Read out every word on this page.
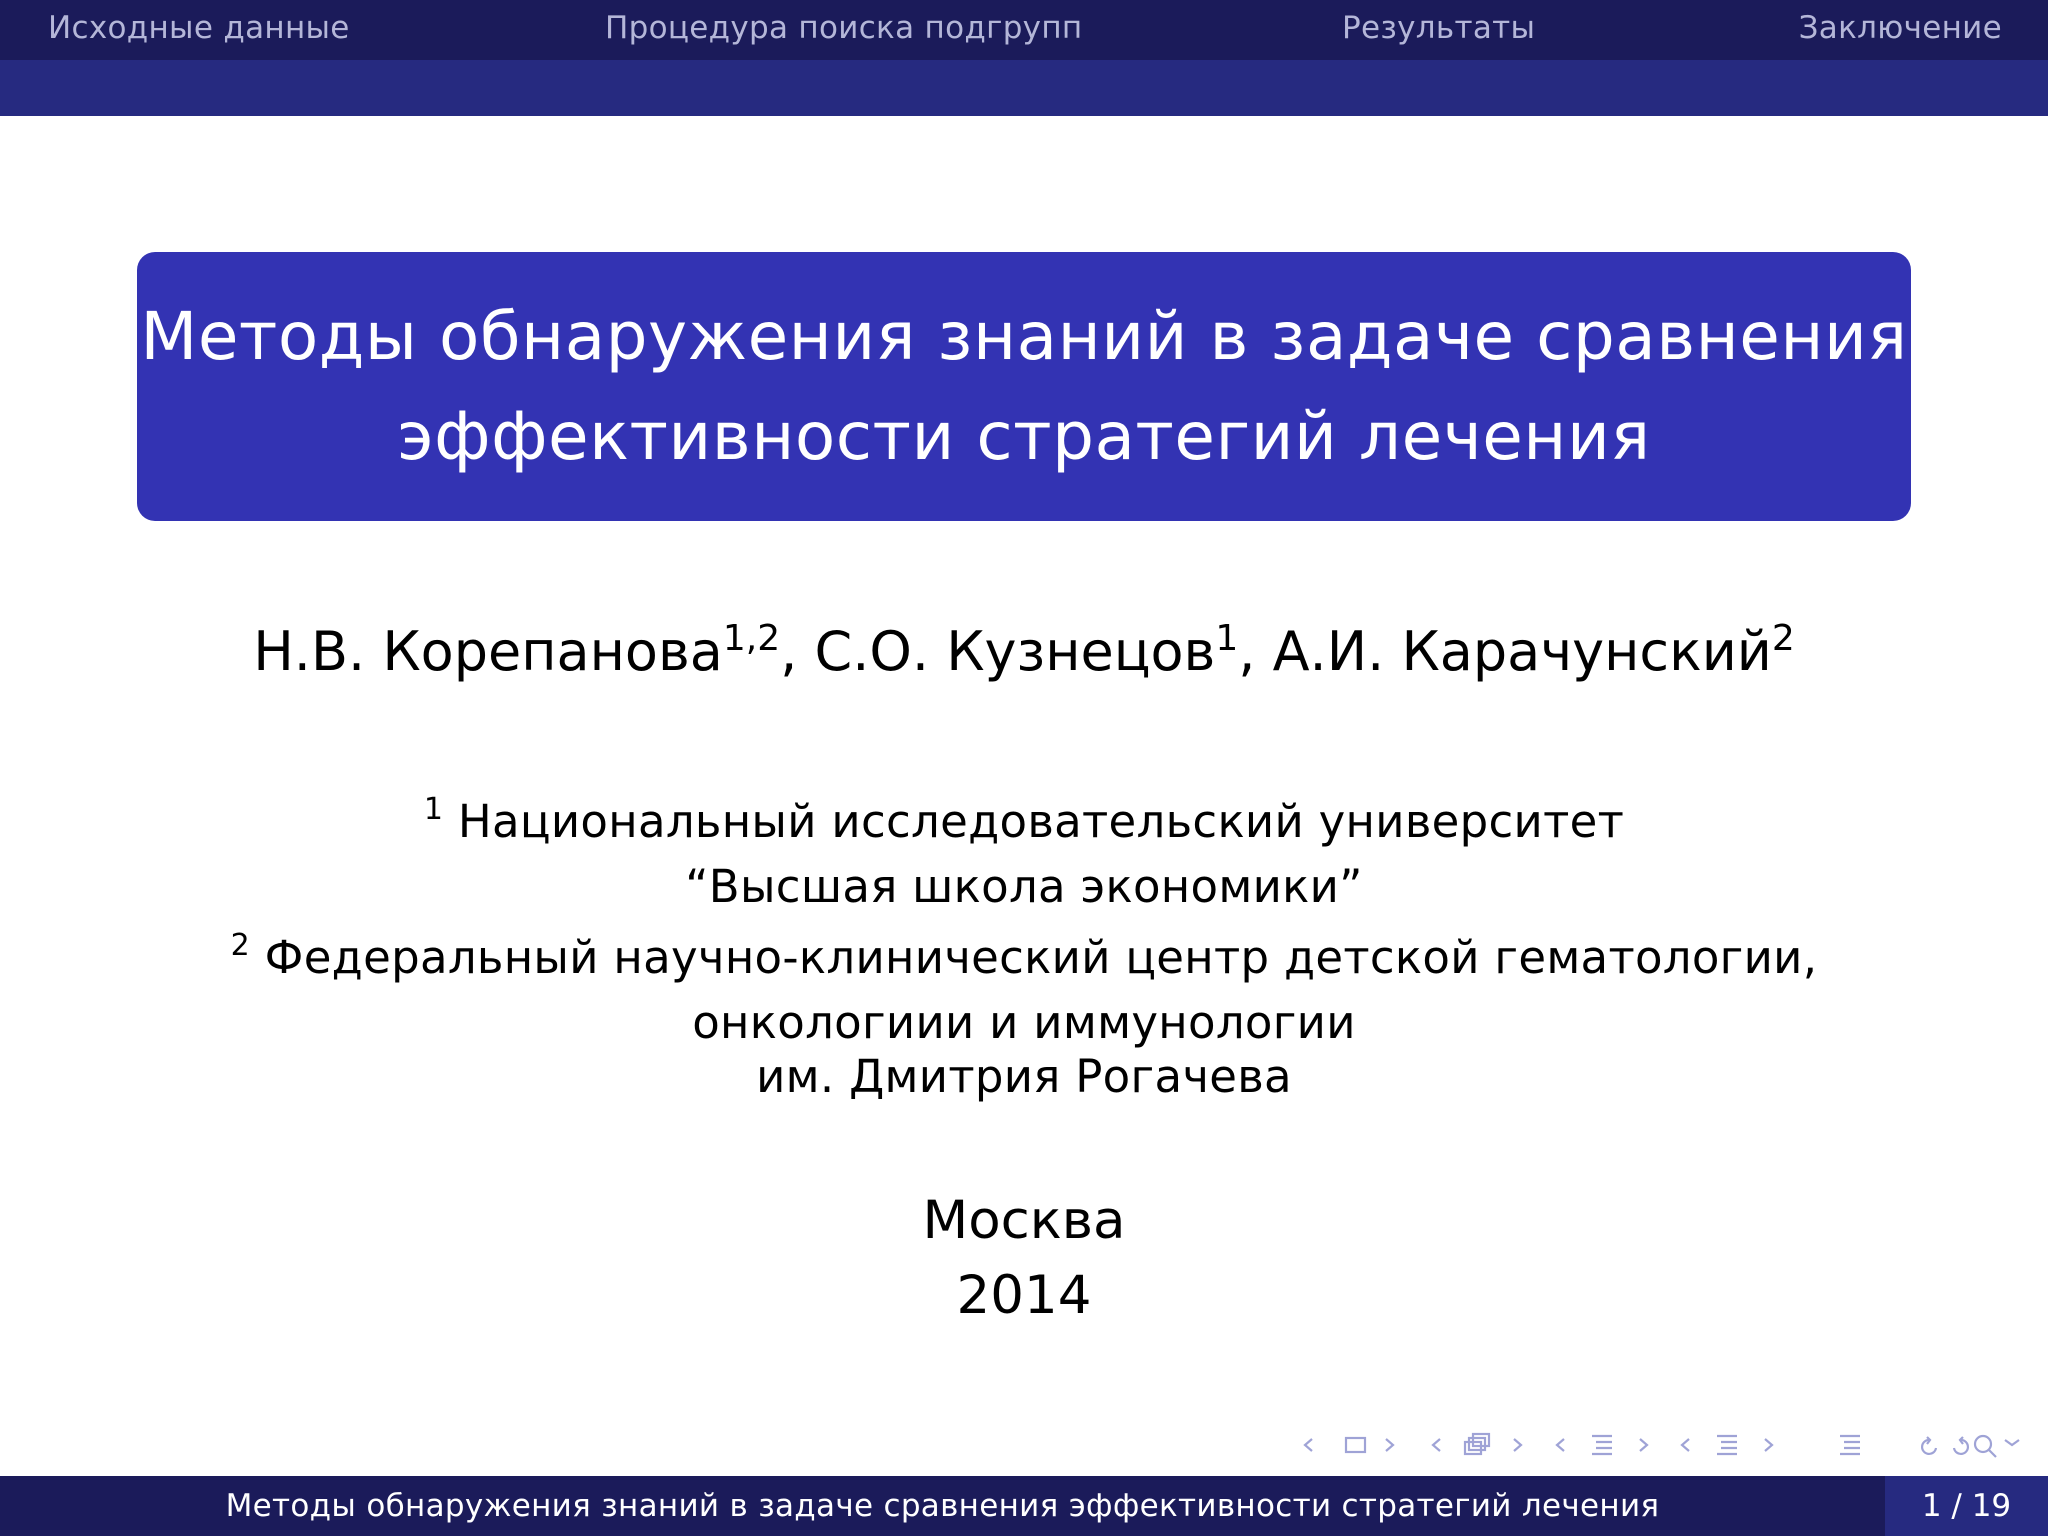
Исходные данные	Процедура поиска подгрупп	Результаты	Заключение
Методы обнаружения знаний в задаче сравнения
эффективности стратегий лечения
Н.В. Корепанова$^{1,2}$, С.О. Кузнецов$^1$, А.И. Карачунский$^2$
$^1$ Национальный исследовательский университет
“Высшая школа экономики”
$^2$ Федеральный научно-клинический центр детской гематологии,
онкологиии и иммунологии
им. Дмитрия Рогачева
Москва
2014
Методы обнаружения знаний в задаче сравнения эффективности стратегий лечения	1 / 19
